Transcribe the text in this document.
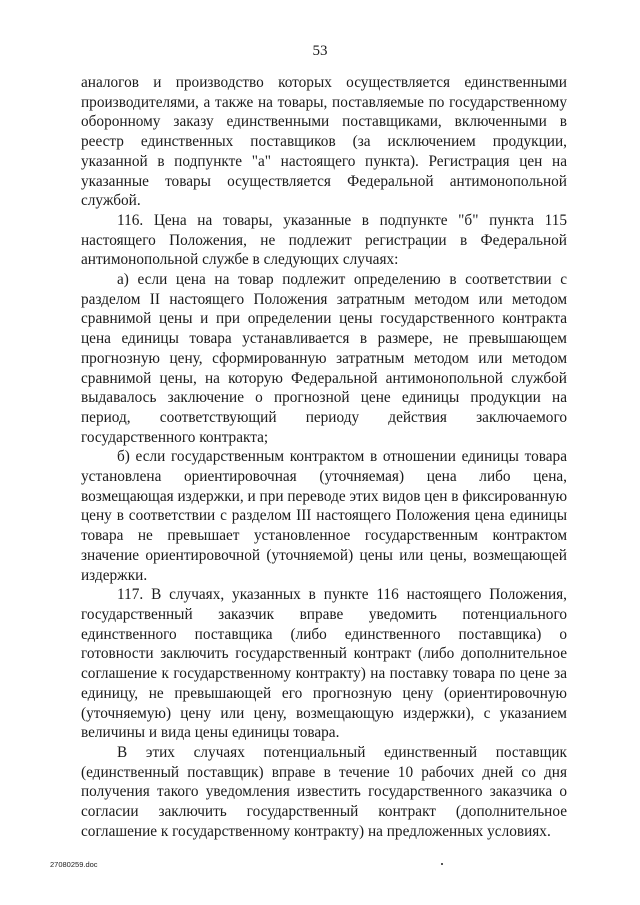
53

аналогов и производство которых осуществляется единственными производителями, а также на товары, поставляемые по государственному оборонному заказу единственными поставщиками, включенными в реестр единственных поставщиков (за исключением продукции, указанной в подпункте "а" настоящего пункта). Регистрация цен на указанные товары осуществляется Федеральной антимонопольной службой.

116. Цена на товары, указанные в подпункте "б" пункта 115 настоящего Положения, не подлежит регистрации в Федеральной антимонопольной службе в следующих случаях:

а) если цена на товар подлежит определению в соответствии с разделом II настоящего Положения затратным методом или методом сравнимой цены и при определении цены государственного контракта цена единицы товара устанавливается в размере, не превышающем прогнозную цену, сформированную затратным методом или методом сравнимой цены, на которую Федеральной антимонопольной службой выдавалось заключение о прогнозной цене единицы продукции на период, соответствующий периоду действия заключаемого государственного контракта;

б) если государственным контрактом в отношении единицы товара установлена ориентировочная (уточняемая) цена либо цена, возмещающая издержки, и при переводе этих видов цен в фиксированную цену в соответствии с разделом III настоящего Положения цена единицы товара не превышает установленное государственным контрактом значение ориентировочной (уточняемой) цены или цены, возмещающей издержки.

117. В случаях, указанных в пункте 116 настоящего Положения, государственный заказчик вправе уведомить потенциального единственного поставщика (либо единственного поставщика) о готовности заключить государственный контракт (либо дополнительное соглашение к государственному контракту) на поставку товара по цене за единицу, не превышающей его прогнозную цену (ориентировочную (уточняемую) цену или цену, возмещающую издержки), с указанием величины и вида цены единицы товара.

В этих случаях потенциальный единственный поставщик (единственный поставщик) вправе в течение 10 рабочих дней со дня получения такого уведомления известить государственного заказчика о согласии заключить государственный контракт (дополнительное соглашение к государственному контракту) на предложенных условиях.

27080259.doc
